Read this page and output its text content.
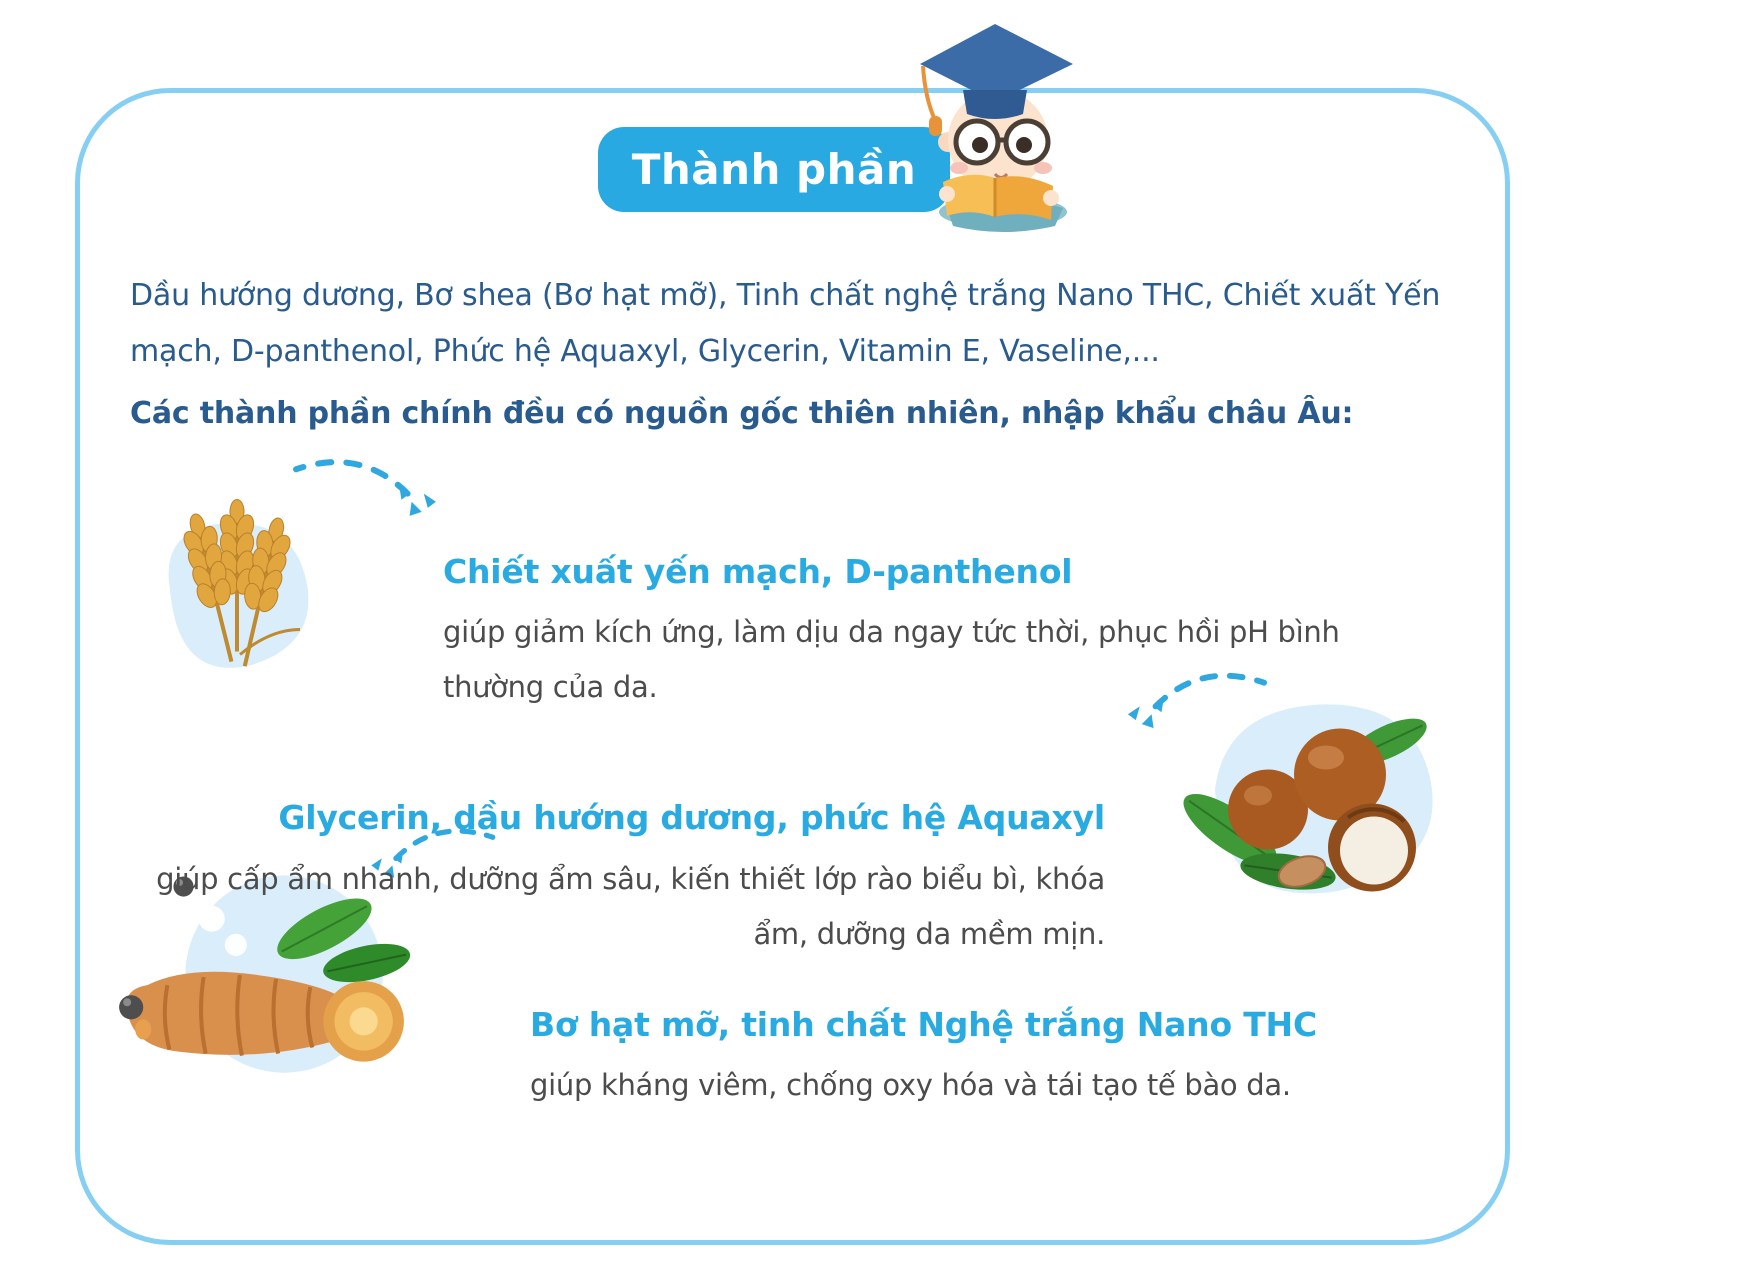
Thành phần
Dầu hướng dương, Bơ shea (Bơ hạt mỡ), Tinh chất nghệ trắng Nano THC, Chiết xuất Yến
mạch, D-panthenol, Phức hệ Aquaxyl, Glycerin, Vitamin E, Vaseline,...
Các thành phần chính đều có nguồn gốc thiên nhiên, nhập khẩu châu Âu:
Chiết xuất yến mạch, D-panthenol
giúp giảm kích ứng, làm dịu da ngay tức thời, phục hồi pH bình
thường của da.
Glycerin, dầu hướng dương, phức hệ Aquaxyl
giúp cấp ẩm nhanh, dưỡng ẩm sâu, kiến thiết lớp rào biểu bì, khóa
ẩm, dưỡng da mềm mịn.
Bơ hạt mỡ, tinh chất Nghệ trắng Nano THC
giúp kháng viêm, chống oxy hóa và tái tạo tế bào da.
